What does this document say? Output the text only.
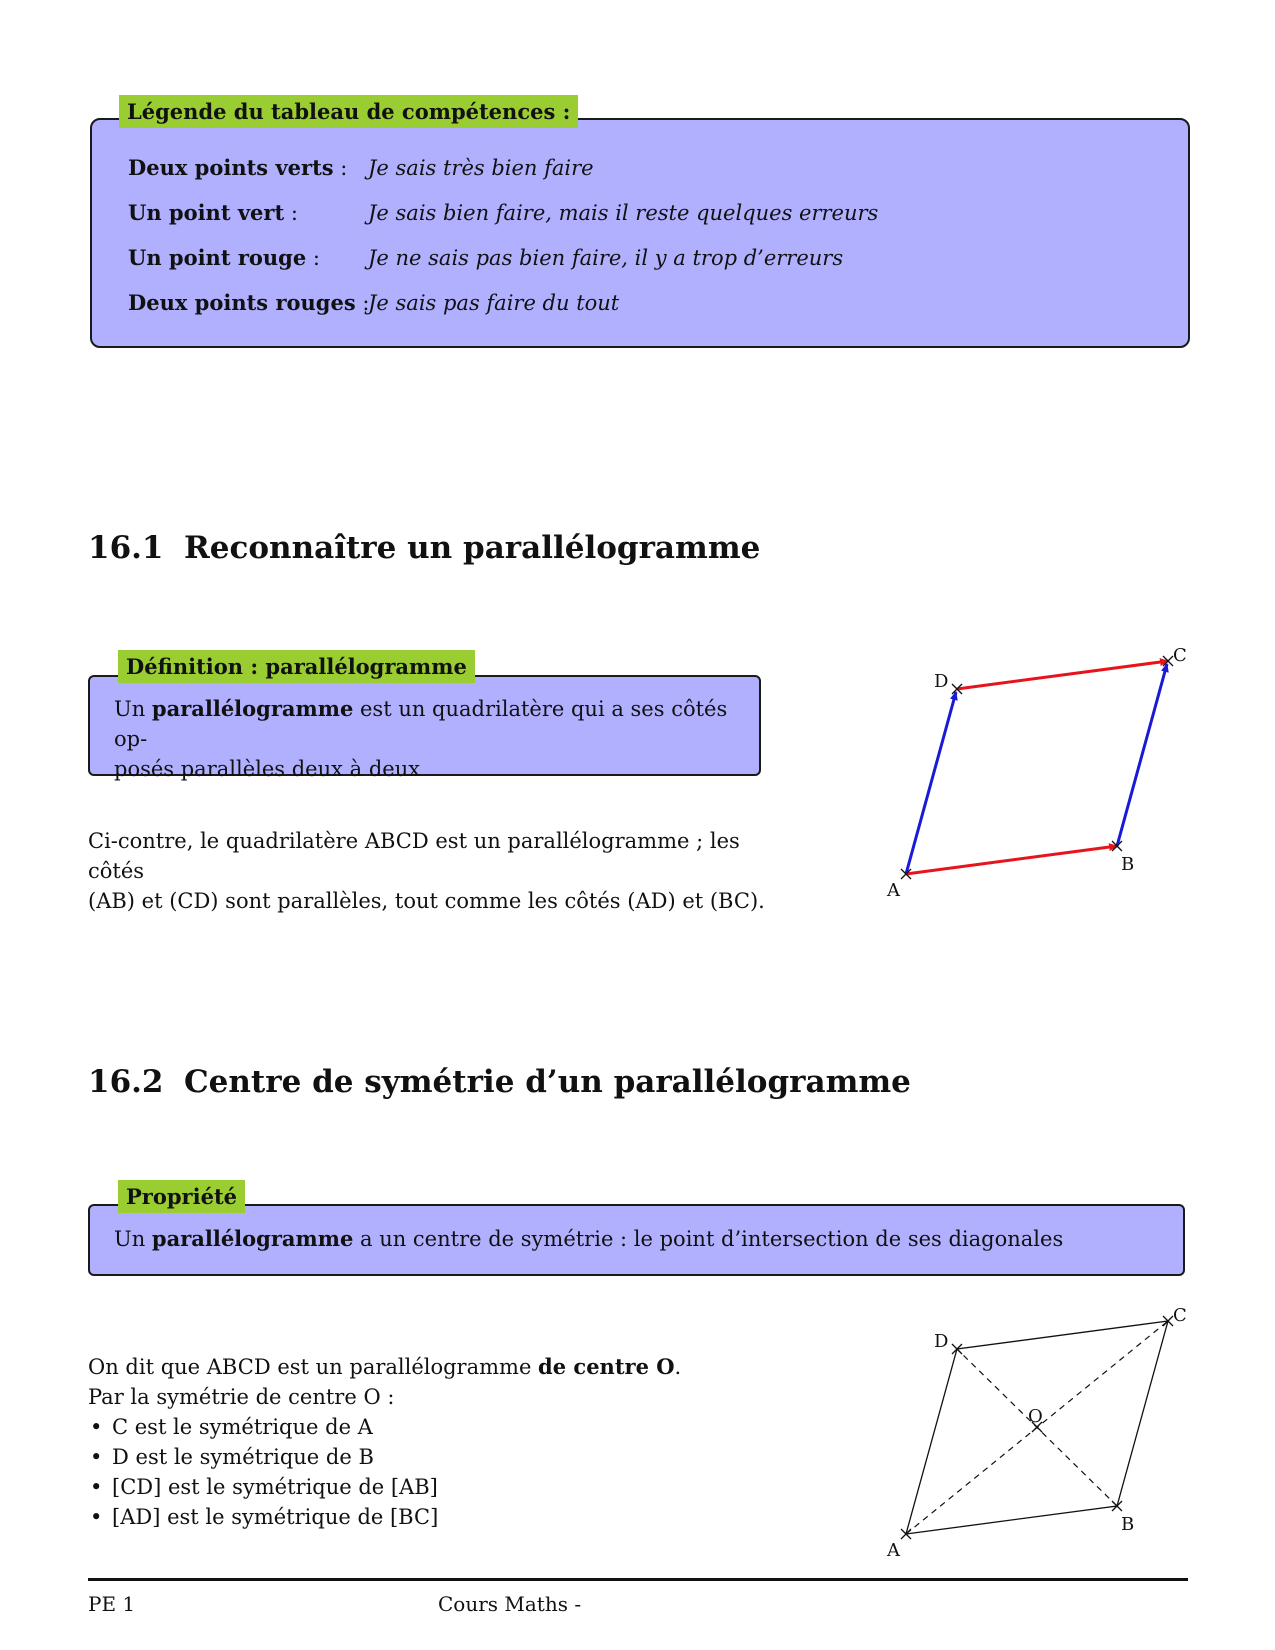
Légende du tableau de compétences :
Deux points verts : Je sais très bien faire
Un point vert :	Je sais bien faire, mais il reste quelques erreurs
Un point rouge : Je ne sais pas bien faire, il y a trop d’erreurs
Deux points rouges :Je sais pas faire du tout
16.1 Reconnaître un parallélogramme
Définition : parallélogramme
Un parallélogramme est un quadrilatère qui a ses côtés op-
posés parallèles deux à deux
Ci-contre, le quadrilatère ABCD est un parallélogramme ; les côtés
(AB) et (CD) sont parallèles, tout comme les côtés (AD) et (BC).	A
B
C
D
16.2 Centre de symétrie d’un parallélogramme
Propriété
Un parallélogramme a un centre de symétrie : le point d’intersection de ses diagonales
On dit que ABCD est un parallélogramme de centre O.
Par la symétrie de centre O :
• C est le symétrique de A
• D est le symétrique de B
• [CD] est le symétrique de [AB]
• [AD] est le symétrique de [BC]
A
B
C
D
O
PE 1	Cours Maths -
